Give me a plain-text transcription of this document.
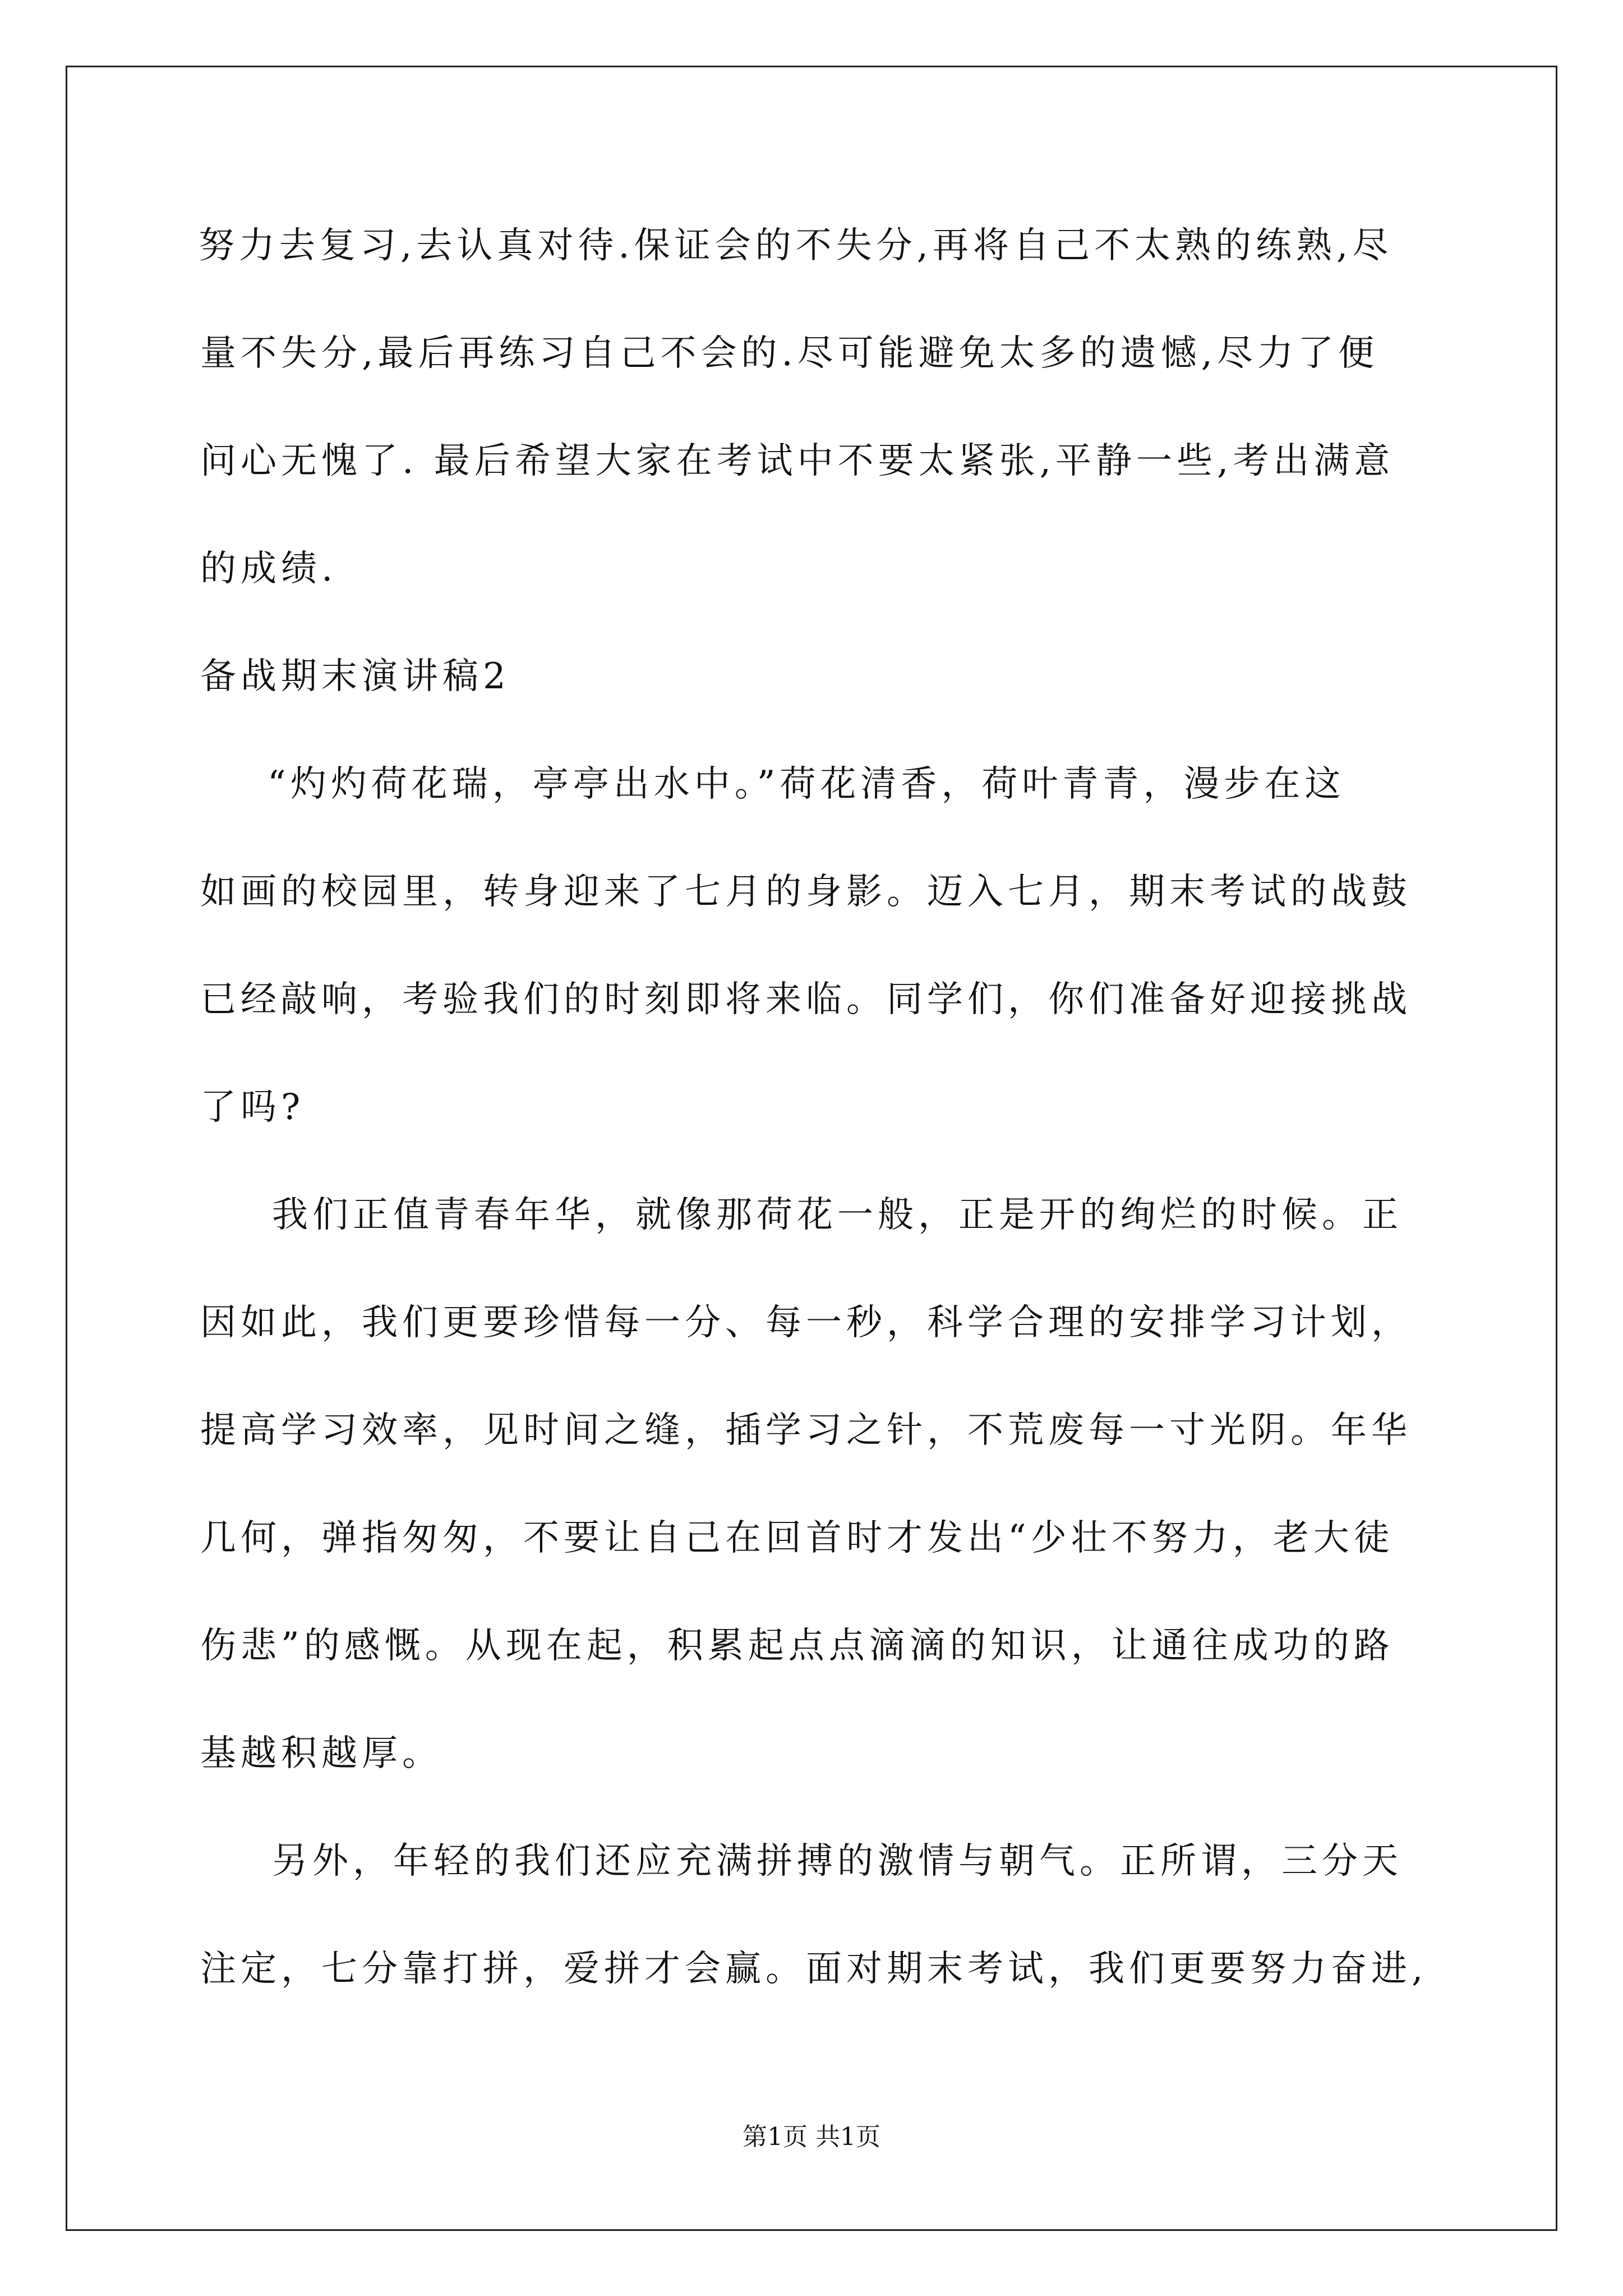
努力去复习,去认真对待.保证会的不失分,再将自己不太熟的练熟,尽
量不失分,最后再练习自己不会的.尽可能避免太多的遗憾,尽力了便
问心无愧了. 最后希望大家在考试中不要太紧张,平静一些,考出满意
的成绩.
备战期末演讲稿2
“灼灼荷花瑞，亭亭出水中。”荷花清香，荷叶青青，漫步在这
如画的校园里，转身迎来了七月的身影。迈入七月，期末考试的战鼓
已经敲响，考验我们的时刻即将来临。同学们，你们准备好迎接挑战
了吗?
我们正值青春年华，就像那荷花一般，正是开的绚烂的时候。正
因如此，我们更要珍惜每一分、每一秒，科学合理的安排学习计划，
提高学习效率，见时间之缝，插学习之针，不荒废每一寸光阴。年华
几何，弹指匆匆，不要让自己在回首时才发出“少壮不努力，老大徒
伤悲”的感慨。从现在起，积累起点点滴滴的知识，让通往成功的路
基越积越厚。
另外，年轻的我们还应充满拼搏的激情与朝气。正所谓，三分天
注定，七分靠打拼，爱拼才会赢。面对期末考试，我们更要努力奋进,
第1页 共1页
